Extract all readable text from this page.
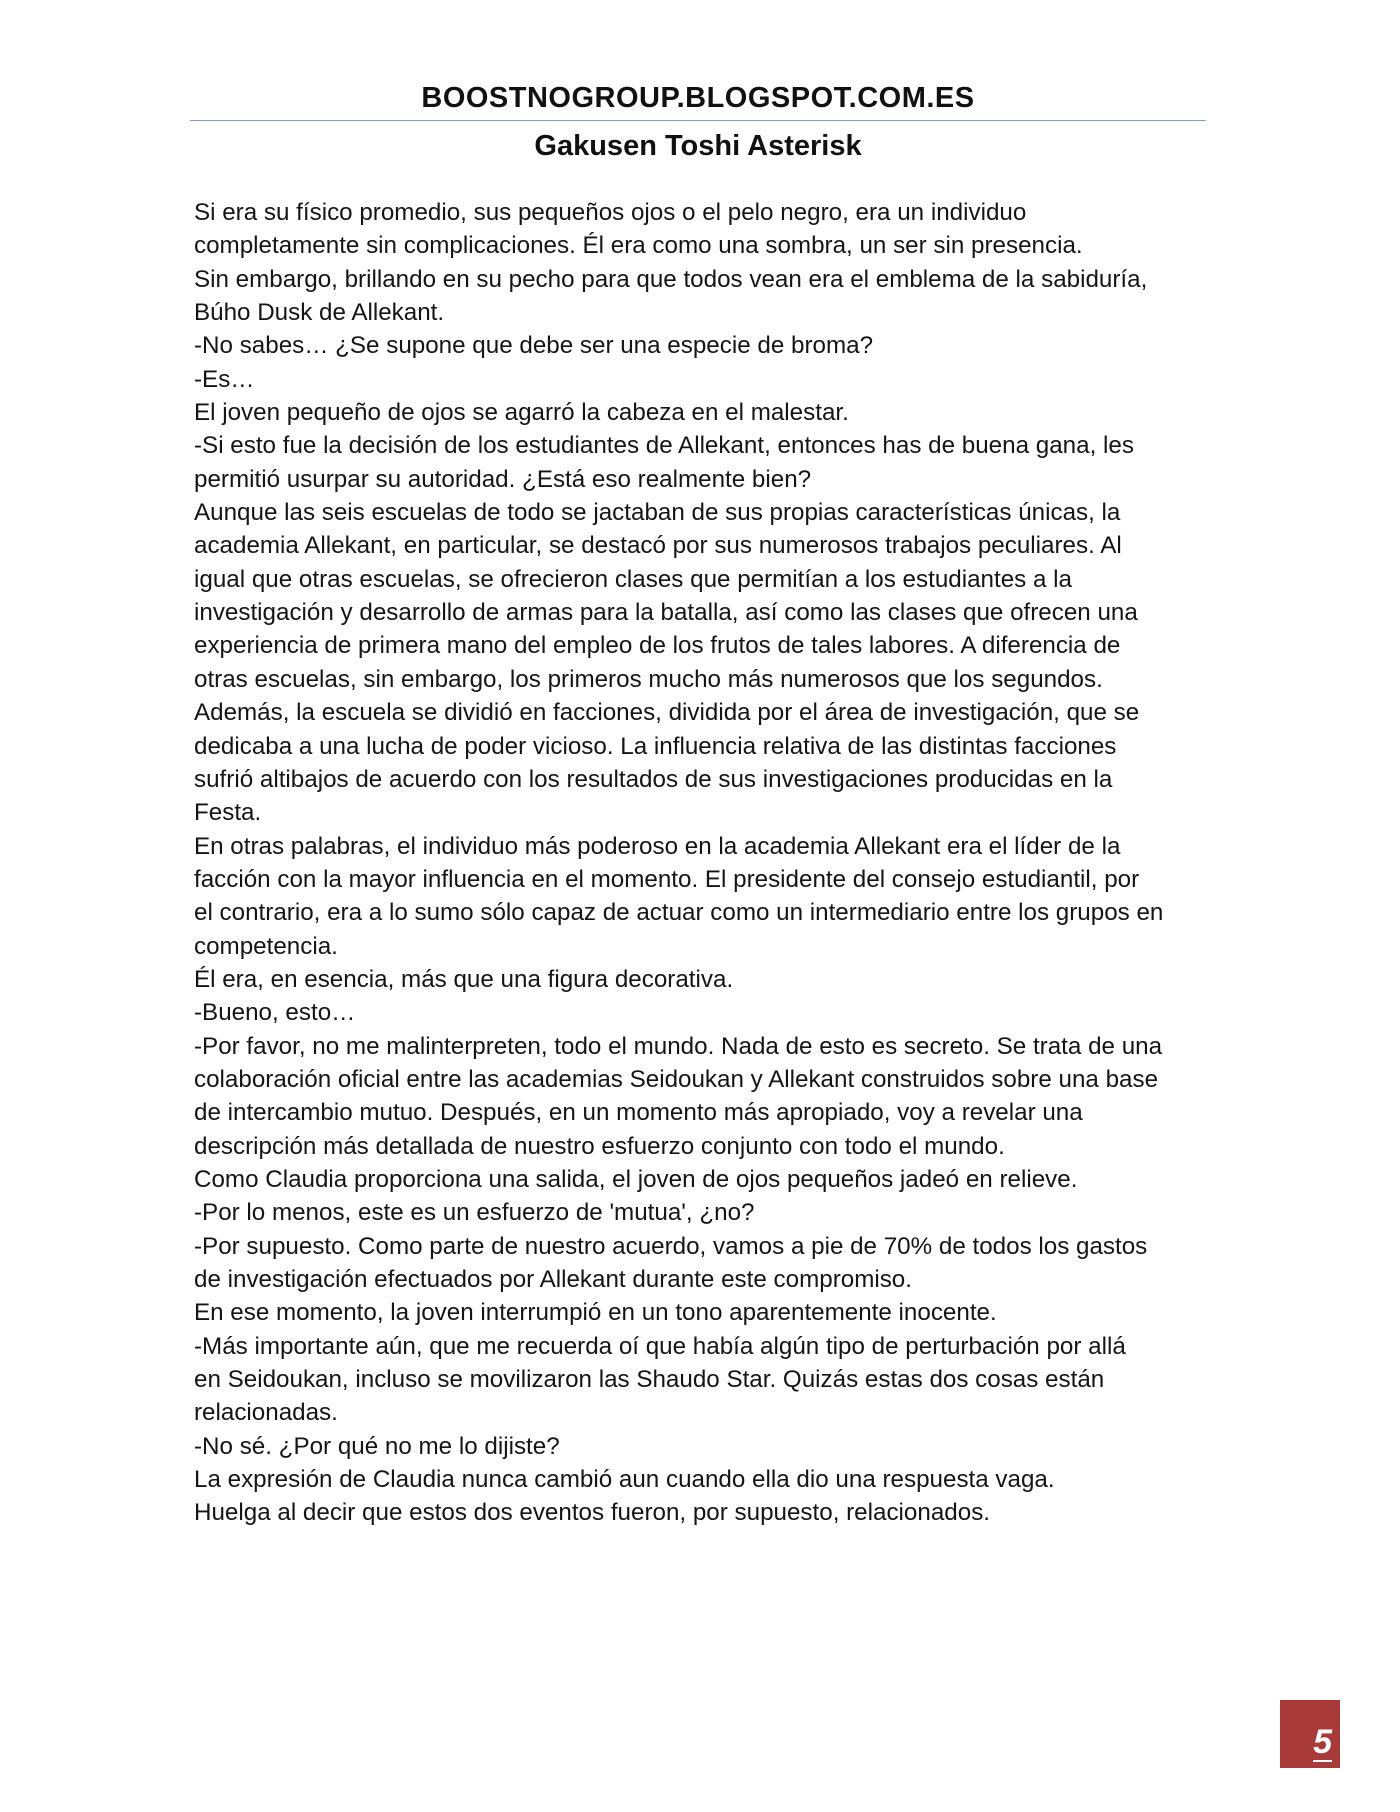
BOOSTNOGROUP.BLOGSPOT.COM.ES
Gakusen Toshi Asterisk

Si era su físico promedio, sus pequeños ojos o el pelo negro, era un individuo

completamente sin complicaciones. Él era como una sombra, un ser sin presencia.

Sin embargo, brillando en su pecho para que todos vean era el emblema de la sabiduría,

Búho Dusk de Allekant.

-No sabes… ¿Se supone que debe ser una especie de broma?

-Es…

El joven pequeño de ojos se agarró la cabeza en el malestar.

-Si esto fue la decisión de los estudiantes de Allekant, entonces has de buena gana, les

permitió usurpar su autoridad. ¿Está eso realmente bien?

Aunque las seis escuelas de todo se jactaban de sus propias características únicas, la

academia Allekant, en particular, se destacó por sus numerosos trabajos peculiares. Al

igual que otras escuelas, se ofrecieron clases que permitían a los estudiantes a la

investigación y desarrollo de armas para la batalla, así como las clases que ofrecen una

experiencia de primera mano del empleo de los frutos de tales labores. A diferencia de

otras escuelas, sin embargo, los primeros mucho más numerosos que los segundos.

Además, la escuela se dividió en facciones, dividida por el área de investigación, que se

dedicaba a una lucha de poder vicioso. La influencia relativa de las distintas facciones

sufrió altibajos de acuerdo con los resultados de sus investigaciones producidas en la

Festa.

En otras palabras, el individuo más poderoso en la academia Allekant era el líder de la

facción con la mayor influencia en el momento. El presidente del consejo estudiantil, por

el contrario, era a lo sumo sólo capaz de actuar como un intermediario entre los grupos en

competencia.

Él era, en esencia, más que una figura decorativa.

-Bueno, esto…

-Por favor, no me malinterpreten, todo el mundo. Nada de esto es secreto. Se trata de una

colaboración oficial entre las academias Seidoukan y Allekant construidos sobre una base

de intercambio mutuo. Después, en un momento más apropiado, voy a revelar una

descripción más detallada de nuestro esfuerzo conjunto con todo el mundo.

Como Claudia proporciona una salida, el joven de ojos pequeños jadeó en relieve.

-Por lo menos, este es un esfuerzo de 'mutua', ¿no?

-Por supuesto. Como parte de nuestro acuerdo, vamos a pie de 70% de todos los gastos

de investigación efectuados por Allekant durante este compromiso.

En ese momento, la joven interrumpió en un tono aparentemente inocente.

-Más importante aún, que me recuerda oí que había algún tipo de perturbación por allá

en Seidoukan, incluso se movilizaron las Shaudo Star. Quizás estas dos cosas están

relacionadas.

-No sé. ¿Por qué no me lo dijiste?

La expresión de Claudia nunca cambió aun cuando ella dio una respuesta vaga.

Huelga al decir que estos dos eventos fueron, por supuesto, relacionados.

5
